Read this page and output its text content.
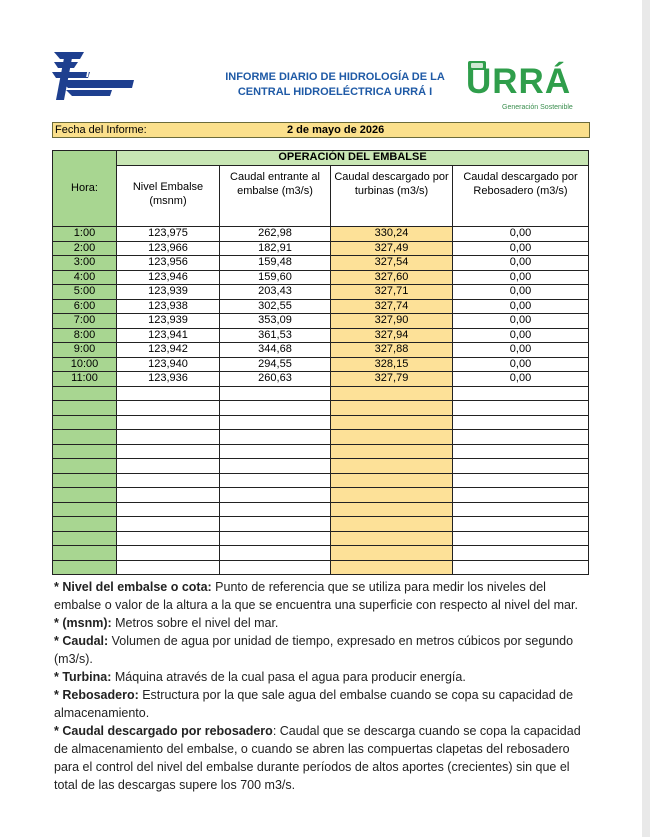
TMEC	INFORME DIARIO DE HIDROLOGÍA DE LA
CENTRAL HIDROELÉCTRICA URRÁ I URRÁ
Generación Sostenible
Fecha del Informe:	2 de mayo de 2026
Hora:	OPERACIÓN DEL EMBALSE			
	Nivel Embalse (msnm)	Caudal entrante al embalse (m3/s)	Caudal descargado por turbinas (m3/s)	Caudal descargado por Rebosadero (m3/s)
1:00	123,975	262,98	330,24	0,00
2:00	123,966	182,91	327,49	0,00
3:00	123,956	159,48	327,54	0,00
4:00	123,946	159,60	327,60	0,00
5:00	123,939	203,43	327,71	0,00
6:00	123,938	302,55	327,74	0,00
7:00	123,939	353,09	327,90	0,00
8:00	123,941	361,53	327,94	0,00
9:00	123,942	344,68	327,88	0,00
10:00	123,940	294,55	328,15	0,00
11:00	123,936	260,63	327,79	0,00

* Nivel del embalse o cota: Punto de referencia que se utiliza para medir los niveles del embalse o valor de la altura a la que se encuentra una superficie con respecto al nivel del mar.

* (msnm): Metros sobre el nivel del mar.

* Caudal: Volumen de agua por unidad de tiempo, expresado en metros cúbicos por segundo (m3/s).

* Turbina: Máquina através de la cual pasa el agua para producir energía.

* Rebosadero: Estructura por la que sale agua del embalse cuando se copa su capacidad de almacenamiento.

* Caudal descargado por rebosadero: Caudal que se descarga cuando se copa la capacidad de almacenamiento del embalse, o cuando se abren las compuertas clapetas del rebosadero para el control del nivel del embalse durante períodos de altos aportes (crecientes) sin que el total de las descargas supere los 700 m3/s.
